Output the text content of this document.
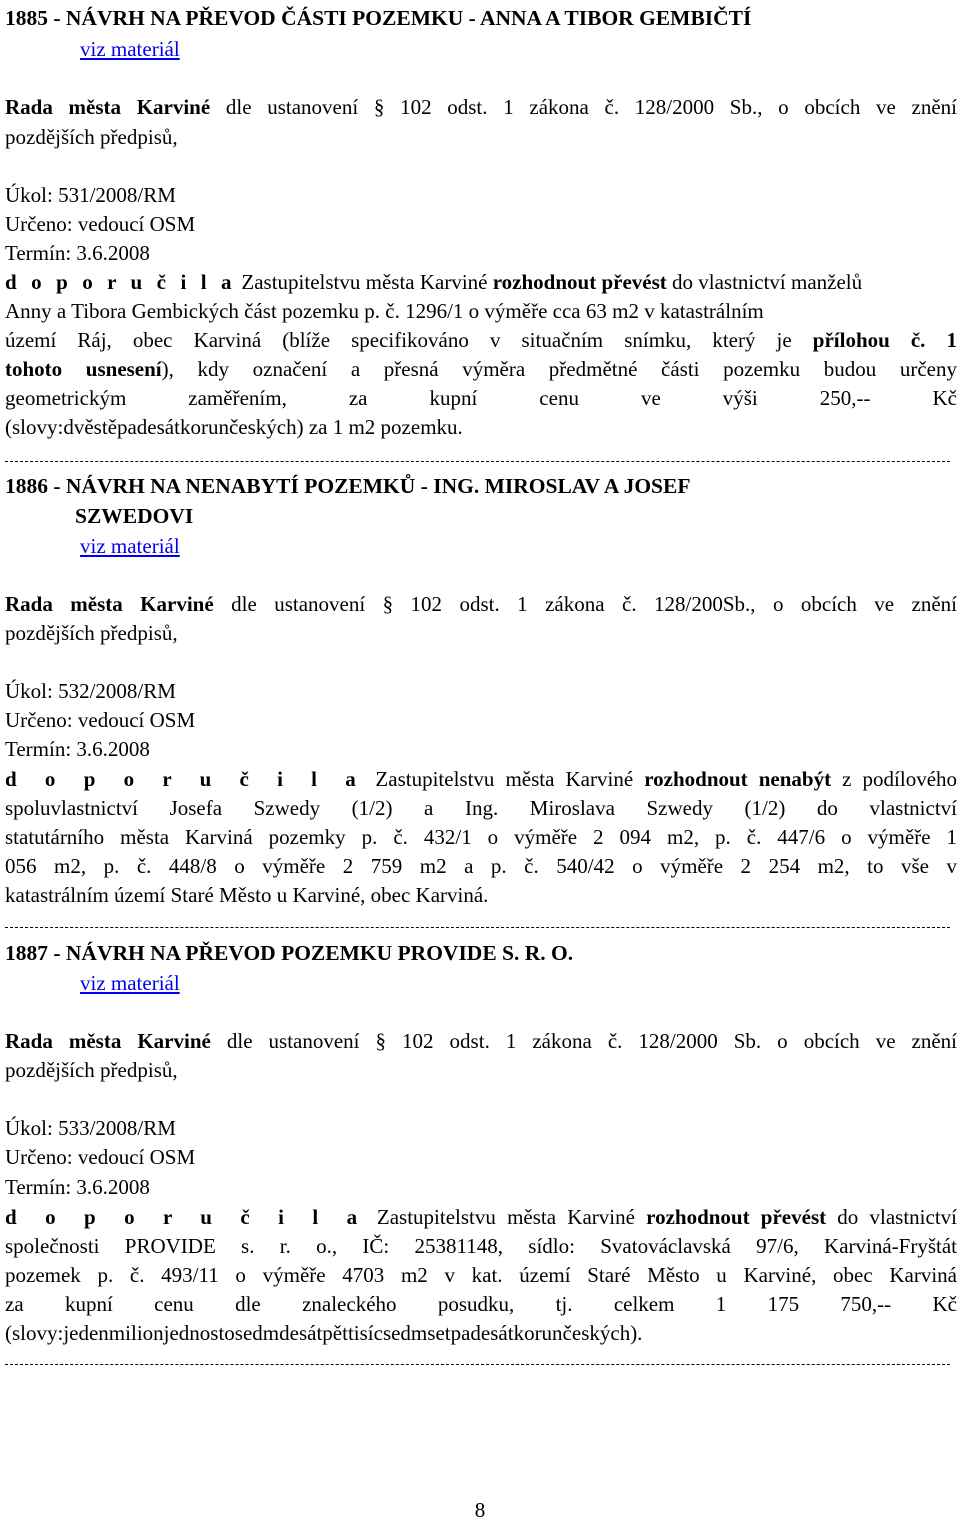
1885 - NÁVRH NA PŘEVOD ČÁSTI POZEMKU - ANNA A TIBOR GEMBIČTÍ
viz materiál
Rada města Karviné dle ustanovení § 102 odst. 1 zákona č. 128/2000 Sb., o obcích ve znění
pozdějších předpisů,
Úkol: 531/2008/RM
Určeno: vedoucí OSM
Termín: 3.6.2008
d o p o r u č i l a Zastupitelstvu města Karviné rozhodnout převést do vlastnictví manželů
Anny a Tibora Gembických část pozemku p. č. 1296/1 o výměře cca 63 m2 v katastrálním
území Ráj, obec Karviná (blíže specifikováno v situačním snímku, který je přílohou č. 1
tohoto usnesení), kdy označení a přesná výměra předmětné části pozemku budou určeny
geometrickým zaměřením, za kupní cenu ve výši 250,-- Kč
(slovy:dvěstěpadesátkorunčeských) za 1 m2 pozemku.
1886 - NÁVRH NA NENABYTÍ POZEMKŮ - ING. MIROSLAV A JOSEF
SZWEDOVI
viz materiál
Rada města Karviné dle ustanovení § 102 odst. 1 zákona č. 128/200Sb., o obcích ve znění
pozdějších předpisů,
Úkol: 532/2008/RM
Určeno: vedoucí OSM
Termín: 3.6.2008
d o p o r u č i l a Zastupitelstvu města Karviné rozhodnout nenabýt z podílového
spoluvlastnictví Josefa Szwedy (1/2) a Ing. Miroslava Szwedy (1/2) do vlastnictví
statutárního města Karviná pozemky p. č. 432/1 o výměře 2 094 m2, p. č. 447/6 o výměře 1
056 m2, p. č. 448/8 o výměře 2 759 m2 a p. č. 540/42 o výměře 2 254 m2, to vše v
katastrálním území Staré Město u Karviné, obec Karviná.
1887 - NÁVRH NA PŘEVOD POZEMKU PROVIDE S. R. O.
viz materiál
Rada města Karviné dle ustanovení § 102 odst. 1 zákona č. 128/2000 Sb. o obcích ve znění
pozdějších předpisů,
Úkol: 533/2008/RM
Určeno: vedoucí OSM
Termín: 3.6.2008
d o p o r u č i l a Zastupitelstvu města Karviné rozhodnout převést do vlastnictví
společnosti PROVIDE s. r. o., IČ: 25381148, sídlo: Svatováclavská 97/6, Karviná-Fryštát
pozemek p. č. 493/11 o výměře 4703 m2 v kat. území Staré Město u Karviné, obec Karviná
za kupní cenu dle znaleckého posudku, tj. celkem 1 175 750,-- Kč
(slovy:jedenmilionjednostosedmdesátpěttisícsedmsetpadesátkorunčeských).
8
